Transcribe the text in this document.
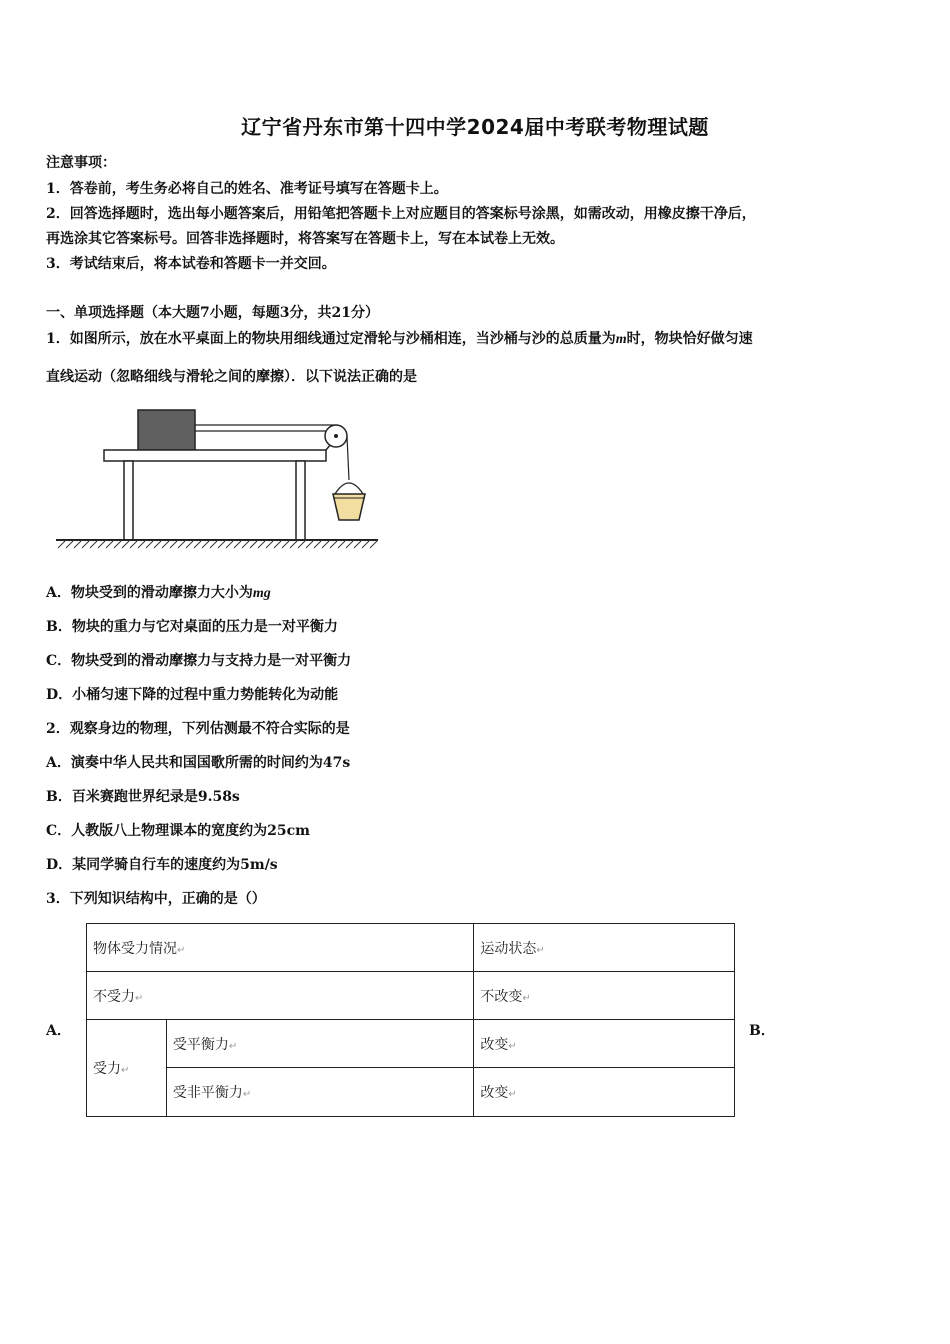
辽宁省丹东市第十四中学2024届中考联考物理试题
注意事项：
1．答卷前，考生务必将自己的姓名、准考证号填写在答题卡上。
2．回答选择题时，选出每小题答案后，用铅笔把答题卡上对应题目的答案标号涂黑，如需改动，用橡皮擦干净后，
再选涂其它答案标号。回答非选择题时，将答案写在答题卡上，写在本试卷上无效。
3．考试结束后，将本试卷和答题卡一并交回。
一、单项选择题（本大题7小题，每题3分，共21分）
1．如图所示，放在水平桌面上的物块用细线通过定滑轮与沙桶相连，当沙桶与沙的总质量为m时，物块恰好做匀速
直线运动（忽略细线与滑轮之间的摩擦）．以下说法正确的是
A．物块受到的滑动摩擦力大小为mg
B．物块的重力与它对桌面的压力是一对平衡力
C．物块受到的滑动摩擦力与支持力是一对平衡力
D．小桶匀速下降的过程中重力势能转化为动能
2．观察身边的物理，下列估测最不符合实际的是
A．演奏中华人民共和国国歌所需的时间约为47s
B．百米赛跑世界纪录是9.58s
C．人教版八上物理课本的宽度约为25cm
D．某同学骑自行车的速度约为5m/s
3．下列知识结构中，正确的是（）
A．
物体受力情况↵		运动状态↵
不受力↵		不改变↵
受力↵	受平衡力↵	改变↵
	受非平衡力↵	改变↵
B．
